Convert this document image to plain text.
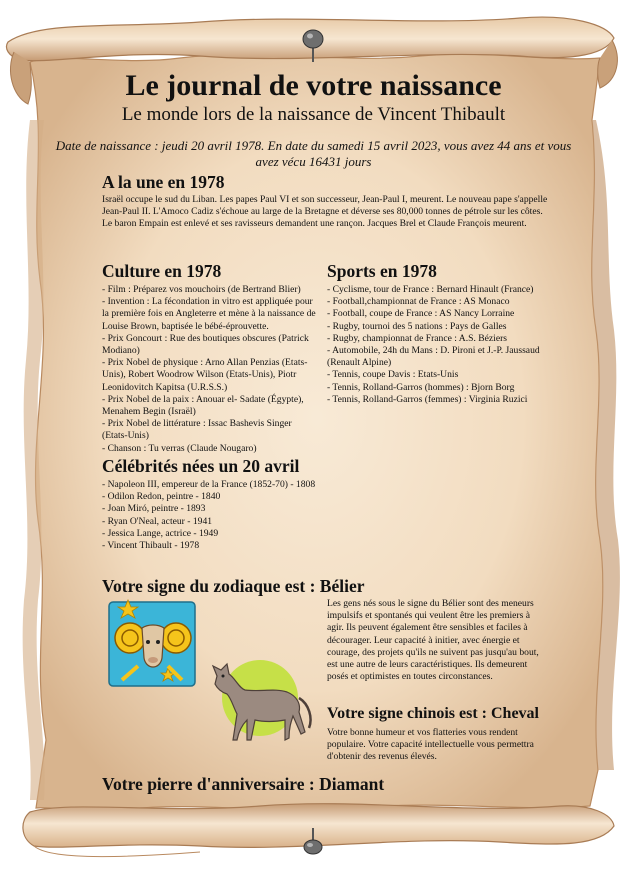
Le journal de votre naissance
Le monde lors de la naissance de Vincent Thibault
Date de naissance : jeudi 20 avril 1978. En date du samedi 15 avril 2023, vous avez 44 ans et vous avez vécu 16431 jours
A la une en 1978
Israël occupe le sud du Liban. Les papes Paul VI et son successeur, Jean-Paul I, meurent. Le nouveau pape s'appelle Jean-Paul II. L'Amoco Cadiz s'échoue au large de la Bretagne et déverse ses 80,000 tonnes de pétrole sur les côtes. Le baron Empain est enlevé et ses ravisseurs demandent une rançon. Jacques Brel et Claude François meurent.
Culture en 1978
- Film : Préparez vos mouchoirs (de Bertrand Blier)
- Invention : La fécondation in vitro est appliquée pour la première fois en Angleterre et mène à la naissance de Louise Brown, baptisée le bébé-éprouvette.
- Prix Goncourt : Rue des boutiques obscures (Patrick Modiano)
- Prix Nobel de physique : Arno Allan Penzias (Etats-Unis), Robert Woodrow Wilson (Etats-Unis), Piotr Leonidovitch Kapitsa (U.R.S.S.)
- Prix Nobel de la paix : Anouar el- Sadate (Égypte), Menahem Begin (Israël)
- Prix Nobel de littérature : Issac Bashevis Singer (Etats-Unis)
- Chanson : Tu verras (Claude Nougaro)
Sports en 1978
- Cyclisme, tour de France : Bernard Hinault (France)
- Football,championnat de France : AS Monaco
- Football, coupe de France : AS Nancy Lorraine
- Rugby, tournoi des 5 nations : Pays de Galles
- Rugby, championnat de France : A.S. Béziers
- Automobile, 24h du Mans : D. Pironi et J.-P. Jaussaud (Renault Alpine)
- Tennis, coupe Davis : Etats-Unis
- Tennis, Rolland-Garros (hommes) : Bjorn Borg
- Tennis, Rolland-Garros (femmes) : Virginia Ruzici
Célébrités nées un 20 avril
- Napoleon III, empereur de la France (1852-70) - 1808
- Odilon Redon, peintre - 1840
- Joan Miró, peintre - 1893
- Ryan O'Neal, acteur - 1941
- Jessica Lange, actrice - 1949
- Vincent Thibault - 1978
Votre signe du zodiaque est : Bélier
Les gens nés sous le signe du Bélier sont des meneurs impulsifs et spontanés qui veulent être les premiers à agir. Ils peuvent également être sensibles et faciles à décourager. Leur capacité à initier, avec énergie et courage, des projets qu'ils ne suivent pas jusqu'au bout, est une autre de leurs caractéristiques. Ils demeurent posés et optimistes en toutes circonstances.
Votre signe chinois est : Cheval
Votre bonne humeur et vos flatteries vous rendent populaire. Votre capacité intellectuelle vous permettra d'obtenir des revenus élevés.
Votre pierre d'anniversaire : Diamant
